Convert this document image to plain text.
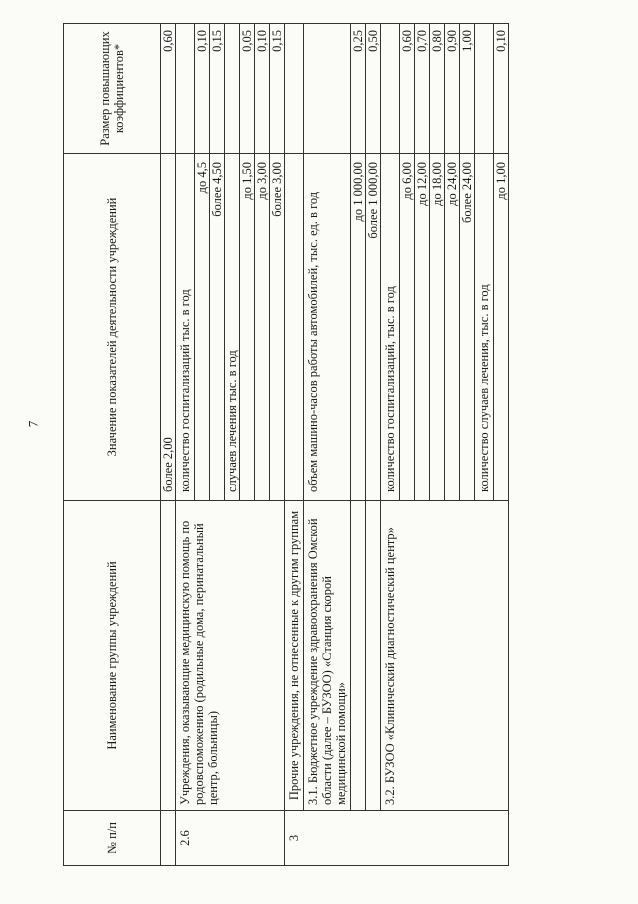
7
№ п/п	Наименование группы учреждений	Значение показателей деятельности учреждений	Размер повышающих коэффициентов*
		более 2,00	0,60
2.6	Учреждения, оказывающие медицинскую помощь по родовспоможению (родильные дома, перинатальный центр, больницы)	количество госпитализаций тыс. в год	
		до 4,5	0,10
		более 4,50	0,15
		случаев лечения тыс. в год	
		до 1,50	0,05
		до 3,00	0,10
		более 3,00	0,15
3	Прочие учреждения, не отнесенные к другим группам		
	3.1. Бюджетное учреждение здравоохранения Омской области (далее – БУЗОО) «Станция скорой медицинской помощи»	объем машино-часов работы автомобилей, тыс. ед. в год	
		до 1 000,00	0,25
		более 1 000,00	0,50
	3.2. БУЗОО «Клинический диагностический центр»	количество госпитализаций, тыс. в год	
		до 6,00	0,60
		до 12,00	0,70
		до 18,00	0,80
		до 24,00	0,90
		более 24,00	1,00
		количество случаев лечения, тыс. в год	
		до 1,00	0,10
